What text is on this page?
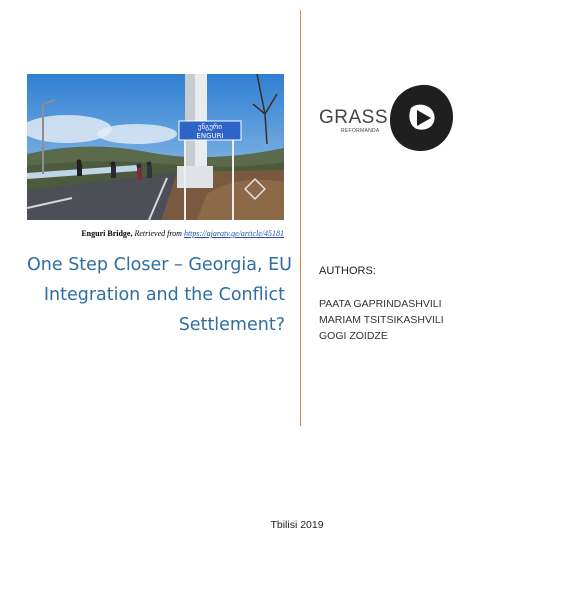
ენგური
ENGURI
Enguri Bridge, Retrieved from https://ajaratv.ge/article/45181
One Step Closer – Georgia, EU
Integration and the Conflict
Settlement?
GRASS
REFORMANDA
AUTHORS:
PAATA GAPRINDASHVILI
MARIAM TSITSIKASHVILI
GOGI ZOIDZE
Tbilisi 2019
